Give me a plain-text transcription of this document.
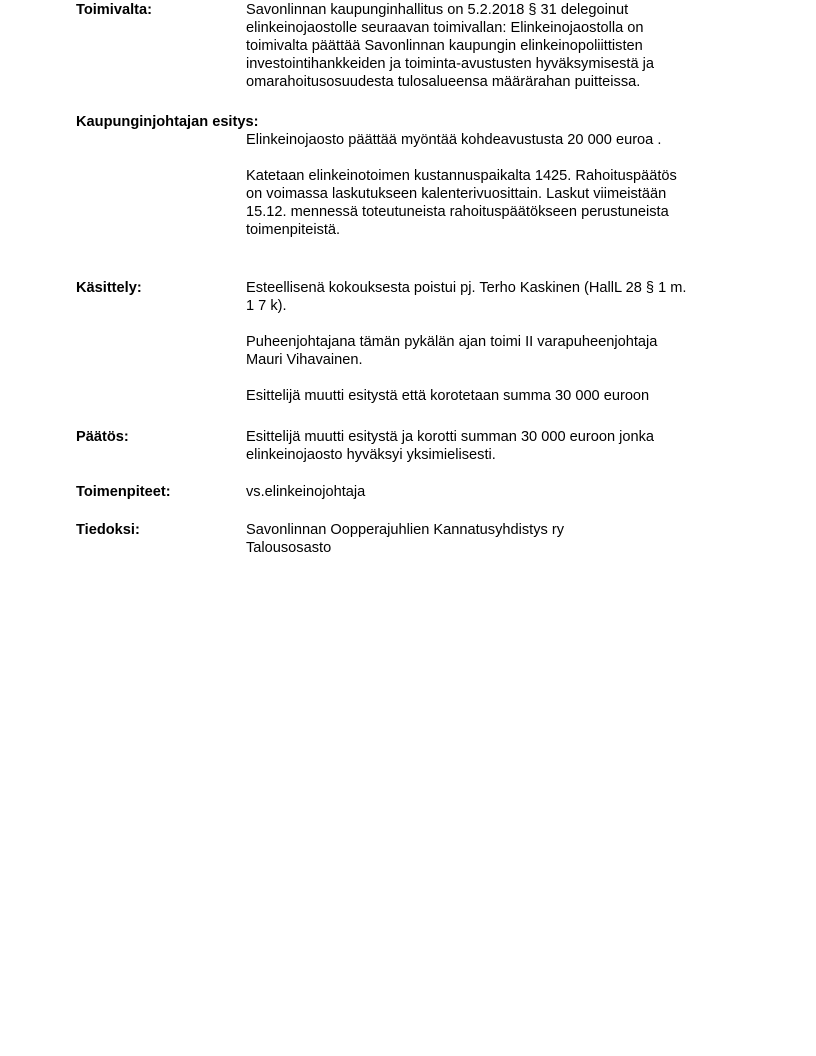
Toimivalta:	Savonlinnan kaupunginhallitus on 5.2.2018 § 31 delegoinut
elinkeinojaostolle seuraavan toimivallan: Elinkeinojaostolla on
toimivalta päättää Savonlinnan kaupungin elinkeinopoliittisten
investointihankkeiden ja toiminta-avustusten hyväksymisestä ja
omarahoitusosuudesta tulosalueensa määrärahan puitteissa.
Kaupunginjohtajan esitys:
Elinkeinojaosto päättää myöntää kohdeavustusta 20 000 euroa .
Katetaan elinkeinotoimen kustannuspaikalta 1425. Rahoituspäätös
on voimassa laskutukseen kalenterivuosittain. Laskut viimeistään
15.12. mennessä toteutuneista rahoituspäätökseen perustuneista
toimenpiteistä.
Käsittely:	Esteellisenä kokouksesta poistui pj. Terho Kaskinen (HallL 28 § 1 m.
1 7 k).
Puheenjohtajana tämän pykälän ajan toimi II varapuheenjohtaja
Mauri Vihavainen.
Esittelijä muutti esitystä että korotetaan summa 30 000 euroon
Päätös:	Esittelijä muutti esitystä ja korotti summan 30 000 euroon jonka
elinkeinojaosto hyväksyi yksimielisesti.
Toimenpiteet:	vs.elinkeinojohtaja
Tiedoksi:	Savonlinnan Oopperajuhlien Kannatusyhdistys ry
Talousosasto
